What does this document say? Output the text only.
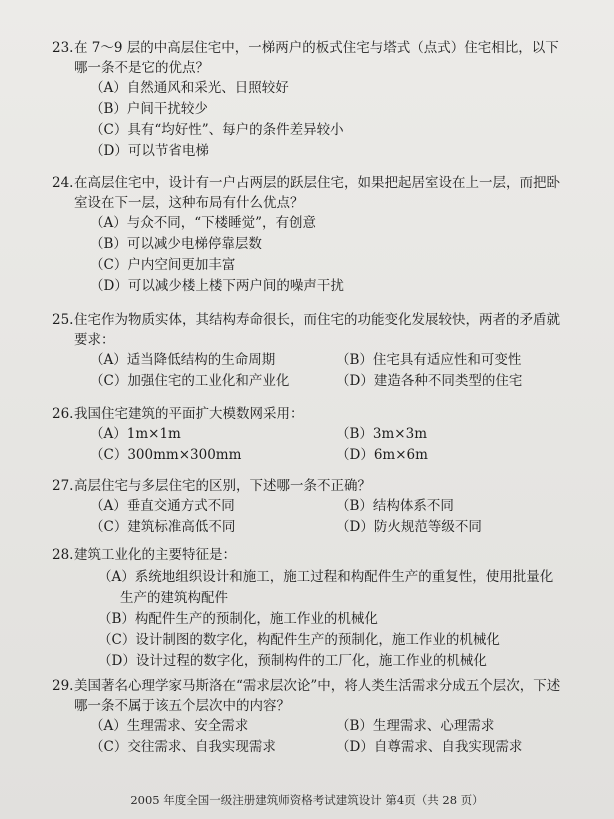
23. 在 7～9 层的中高层住宅中，一梯两户的板式住宅与塔式（点式）住宅相比，以下哪一条不是它的优点？
（A）自然通风和采光、日照较好
（B）户间干扰较少
（C）具有“均好性”、每户的条件差异较小
（D）可以节省电梯
24. 在高层住宅中，设计有一户占两层的跃层住宅，如果把起居室设在上一层，而把卧室设在下一层，这种布局有什么优点？
（A）与众不同，“下楼睡觉”，有创意
（B）可以减少电梯停靠层数
（C）户内空间更加丰富
（D）可以减少楼上楼下两户间的噪声干扰
25. 住宅作为物质实体，其结构寿命很长，而住宅的功能变化发展较快，两者的矛盾就要求：
（A）适当降低结构的生命周期	（B）住宅具有适应性和可变性
（C）加强住宅的工业化和产业化	（D）建造各种不同类型的住宅
26. 我国住宅建筑的平面扩大模数网采用：
（A）1m×1m	（B）3m×3m
（C）300mm×300mm	（D）6m×6m
27. 高层住宅与多层住宅的区别，下述哪一条不正确？
（A）垂直交通方式不同	（B）结构体系不同
（C）建筑标准高低不同	（D）防火规范等级不同
28. 建筑工业化的主要特征是：
（A）系统地组织设计和施工，施工过程和构配件生产的重复性，使用批量化
生产的建筑构配件
（B）构配件生产的预制化，施工作业的机械化
（C）设计制图的数字化，构配件生产的预制化，施工作业的机械化
（D）设计过程的数字化，预制构件的工厂化，施工作业的机械化
29. 美国著名心理学家马斯洛在“需求层次论”中，将人类生活需求分成五个层次，下述哪一条不属于该五个层次中的内容？
（A）生理需求、安全需求	（B）生理需求、心理需求
（C）交往需求、自我实现需求	（D）自尊需求、自我实现需求
2005 年度全国一级注册建筑师资格考试建筑设计 第4页（共 28 页）
